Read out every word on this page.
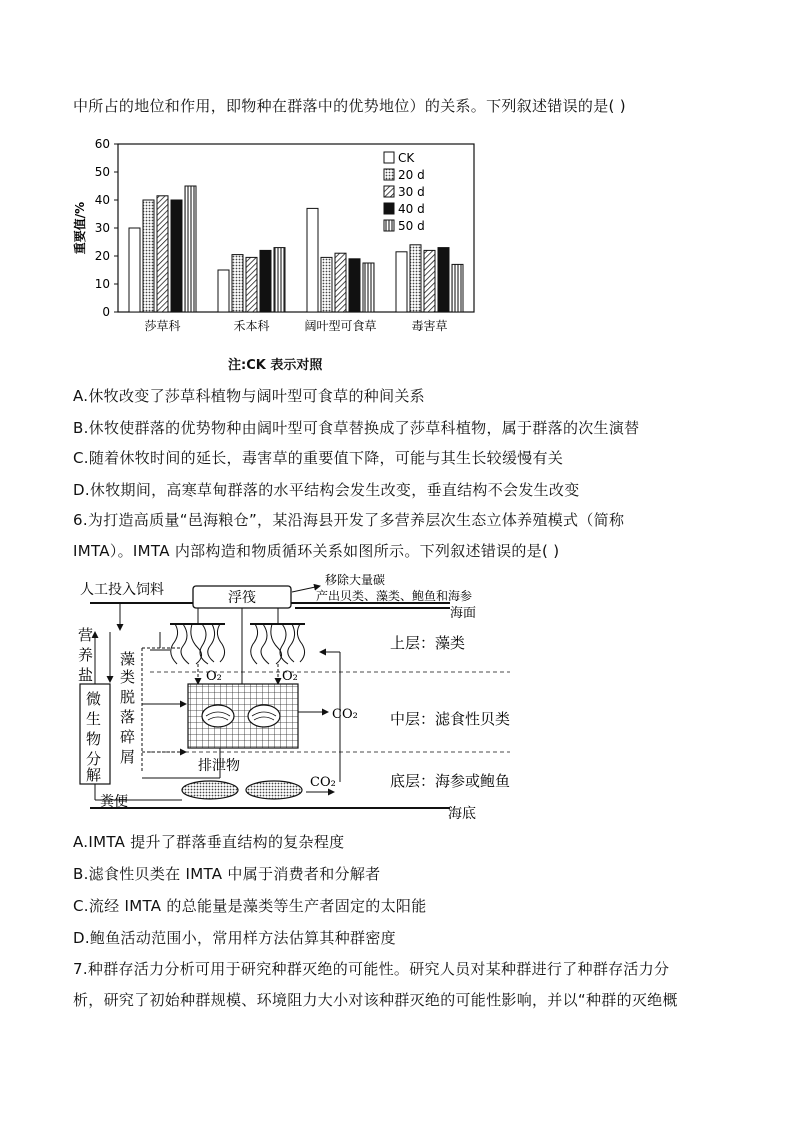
中所占的地位和作用，即物种在群落中的优势地位）的关系。下列叙述错误的是( )
0
10
20
30
40
50
60
重要值/%
莎草科	禾本科	阔叶型可食草	毒害草
CK
20 d
30 d
40 d
50 d
注:CK 表示对照
A.休牧改变了莎草科植物与阔叶型可食草的种间关系
B.休牧使群落的优势物种由阔叶型可食草替换成了莎草科植物，属于群落的次生演替
C.随着休牧时间的延长，毒害草的重要值下降，可能与其生长较缓慢有关
D.休牧期间，高寒草甸群落的水平结构会发生改变，垂直结构不会发生改变
6.为打造高质量“邑海粮仓”，某沿海县开发了多营养层次生态立体养殖模式（简称
IMTA）。IMTA 内部构造和物质循环关系如图所示。下列叙述错误的是( )
浮筏
人工投入饲料
移除大量碳
产出贝类、藻类、鲍鱼和海参
海面
营
养
盐
微
生
物
分
解
藻
类
脱
落
碎
屑
上层：藻类
O₂	O₂
CO₂ 中层：滤食性贝类
排泄物
CO₂	底层：海参或鲍鱼
粪便
海底
A.IMTA 提升了群落垂直结构的复杂程度
B.滤食性贝类在 IMTA 中属于消费者和分解者
C.流经 IMTA 的总能量是藻类等生产者固定的太阳能
D.鲍鱼活动范围小，常用样方法估算其种群密度
7.种群存活力分析可用于研究种群灭绝的可能性。研究人员对某种群进行了种群存活力分
析，研究了初始种群规模、环境阻力大小对该种群灭绝的可能性影响，并以“种群的灭绝概
